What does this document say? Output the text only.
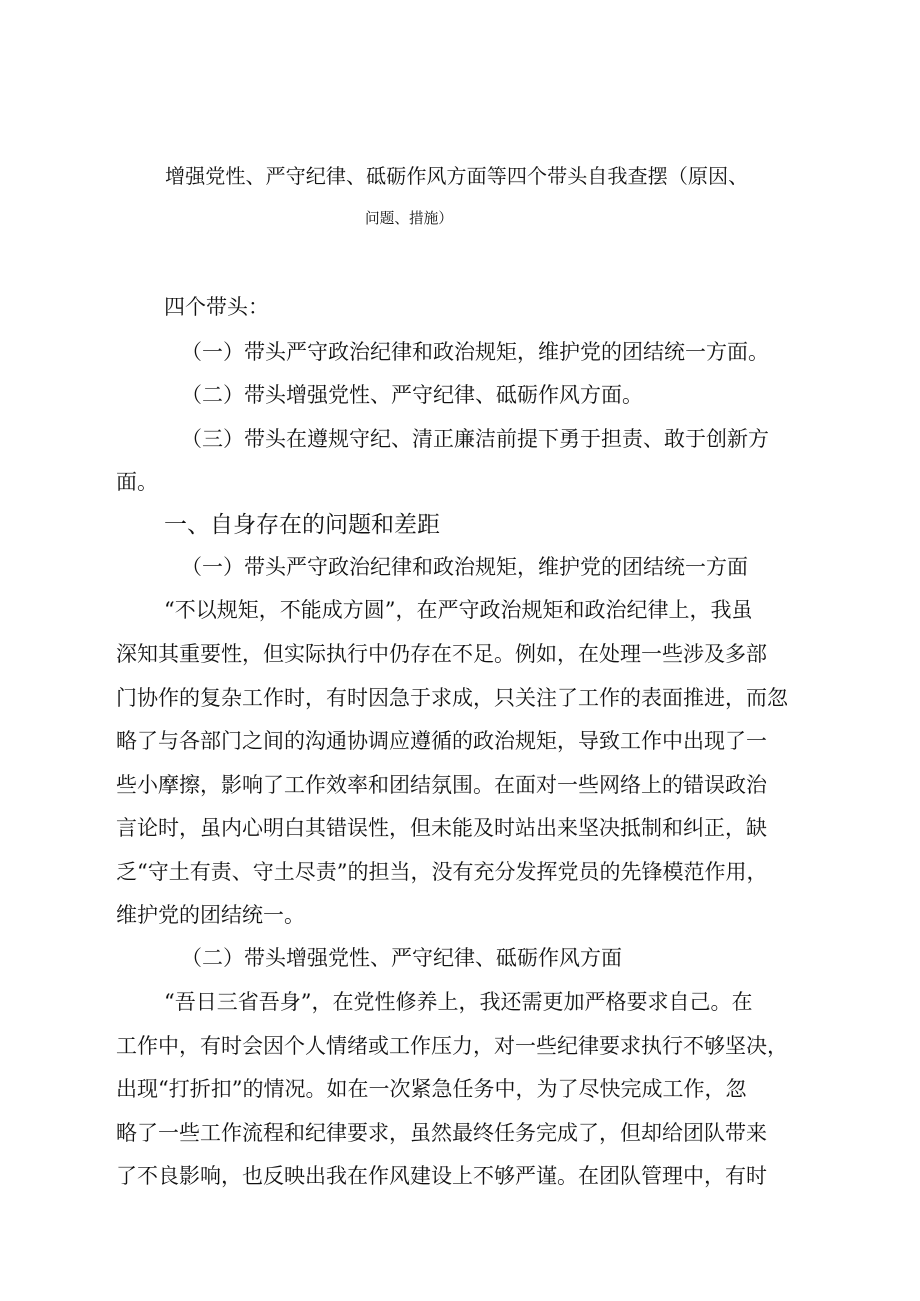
增强党性、严守纪律、砥砺作风方面等四个带头自我查摆（原因、
问题、措施）
四个带头：
（一）带头严守政治纪律和政治规矩，维护党的团结统一方面。
（二）带头增强党性、严守纪律、砥砺作风方面。
（三）带头在遵规守纪、清正廉洁前提下勇于担责、敢于创新方
面。
一、自身存在的问题和差距
（一）带头严守政治纪律和政治规矩，维护党的团结统一方面
“不以规矩，不能成方圆”，在严守政治规矩和政治纪律上，我虽
深知其重要性，但实际执行中仍存在不足。例如，在处理一些涉及多部
门协作的复杂工作时，有时因急于求成，只关注了工作的表面推进，而忽
略了与各部门之间的沟通协调应遵循的政治规矩，导致工作中出现了一
些小摩擦，影响了工作效率和团结氛围。在面对一些网络上的错误政治
言论时，虽内心明白其错误性，但未能及时站出来坚决抵制和纠正，缺
乏“守土有责、守土尽责”的担当，没有充分发挥党员的先锋模范作用，
维护党的团结统一。
（二）带头增强党性、严守纪律、砥砺作风方面
“吾日三省吾身”，在党性修养上，我还需更加严格要求自己。在
工作中，有时会因个人情绪或工作压力，对一些纪律要求执行不够坚决，
出现“打折扣”的情况。如在一次紧急任务中，为了尽快完成工作，忽
略了一些工作流程和纪律要求，虽然最终任务完成了，但却给团队带来
了不良影响，也反映出我在作风建设上不够严谨。在团队管理中，有时
